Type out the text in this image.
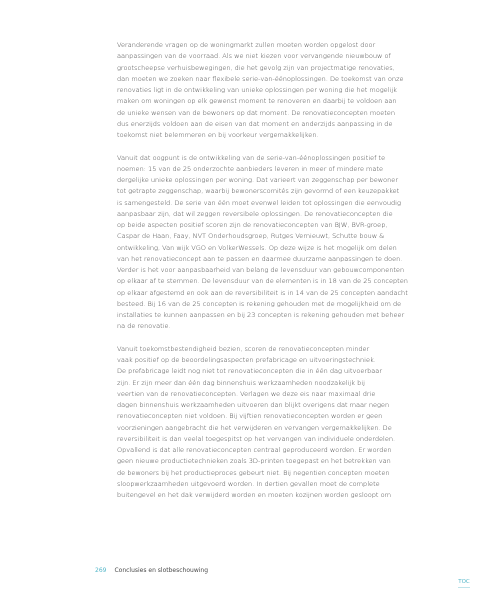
Veranderende vragen op de woningmarkt zullen moeten worden opgelost door
aanpassingen van de voorraad. Als we niet kiezen voor vervangende nieuwbouw of
grootscheepse verhuisbewegingen, die het gevolg zijn van projectmatige renovaties,
dan moeten we zoeken naar flexibele serie-van-éénoplossingen. De toekomst van onze
renovaties ligt in de ontwikkeling van unieke oplossingen per woning die het mogelijk
maken om woningen op elk gewenst moment te renoveren en daarbij te voldoen aan
de unieke wensen van de bewoners op dat moment. De renovatieconcepten moeten
dus enerzijds voldoen aan de eisen van dat moment en anderzijds aanpassing in de
toekomst niet belemmeren en bij voorkeur vergemakkelijken.
Vanuit dat oogpunt is de ontwikkeling van de serie-van-éénoplossingen positief te
noemen: 15 van de 25 onderzochte aanbieders leveren in meer of mindere mate
dergelijke unieke oplossingen per woning. Dat varieert van zeggenschap per bewoner
tot getrapte zeggenschap, waarbij bewonerscomités zijn gevormd of een keuzepakket
is samengesteld. De serie van één moet evenwel leiden tot oplossingen die eenvoudig
aanpasbaar zijn, dat wil zeggen reversibele oplossingen. De renovatieconcepten die
op beide aspecten positief scoren zijn de renovatieconcepten van BJW, BVR-groep,
Caspar de Haan, Faay, NVT Onderhoudsgroep, Rutges Vernieuwt, Schutte bouw &
ontwikkeling, Van wijk VGO en VolkerWessels. Op deze wijze is het mogelijk om delen
van het renovatieconcept aan te passen en daarmee duurzame aanpassingen te doen.
Verder is het voor aanpasbaarheid van belang de levensduur van gebouwcomponenten
op elkaar af te stemmen. De levensduur van de elementen is in 18 van de 25 concepten
op elkaar afgestemd en ook aan de reversibiliteit is in 14 van de 25 concepten aandacht
besteed. Bij 16 van de 25 concepten is rekening gehouden met de mogelijkheid om de
installaties te kunnen aanpassen en bij 23 concepten is rekening gehouden met beheer
na de renovatie.
Vanuit toekomstbestendigheid bezien, scoren de renovatieconcepten minder
vaak positief op de beoordelingsaspecten prefabricage en uitvoeringstechniek.
De prefabricage leidt nog niet tot renovatieconcepten die in één dag uitvoerbaar
zijn. Er zijn meer dan één dag binnenshuis werkzaamheden noodzakelijk bij
veertien van de renovatieconcepten. Verlagen we deze eis naar maximaal drie
dagen binnenshuis werkzaamheden uitvoeren dan blijkt overigens dat maar negen
renovatieconcepten niet voldoen. Bij vijftien renovatieconcepten worden er geen
voorzieningen aangebracht die het verwijderen en vervangen vergemakkelijken. De
reversibiliteit is dan veelal toegespitst op het vervangen van individuele onderdelen.
Opvallend is dat alle renovatieconcepten centraal geproduceerd worden. Er worden
geen nieuwe productietechnieken zoals 3D-printen toegepast en het betrekken van
de bewoners bij het productieproces gebeurt niet. Bij negentien concepten moeten
sloopwerkzaamheden uitgevoerd worden. In dertien gevallen moet de complete
buitengevel en het dak verwijderd worden en moeten kozijnen worden gesloopt om
269 Conclusies en slotbeschouwing
TOC
